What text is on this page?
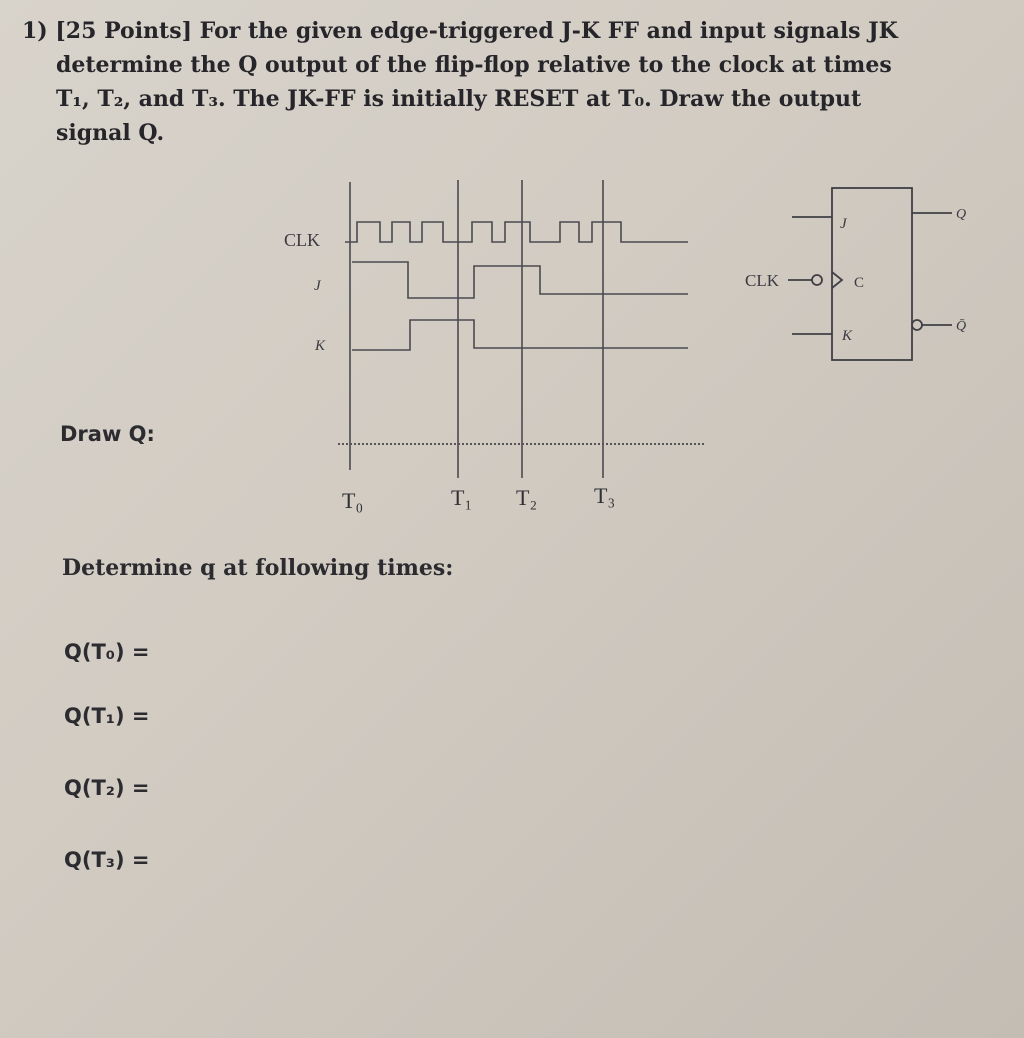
1) [25 Points] For the given edge-triggered J-K FF and input signals JK
determine the Q output of the flip-flop relative to the clock at times
T₁, T₂, and T₃. The JK-FF is initially RESET at T₀. Draw the output
signal Q.
CLK
J
K
T₀	T₁ T₂	T₃
J
C
K
CLK
Q
Q̄
Draw Q:
Determine q at following times:
Q(T₀) =
Q(T₁) =
Q(T₂) =
Q(T₃) =
